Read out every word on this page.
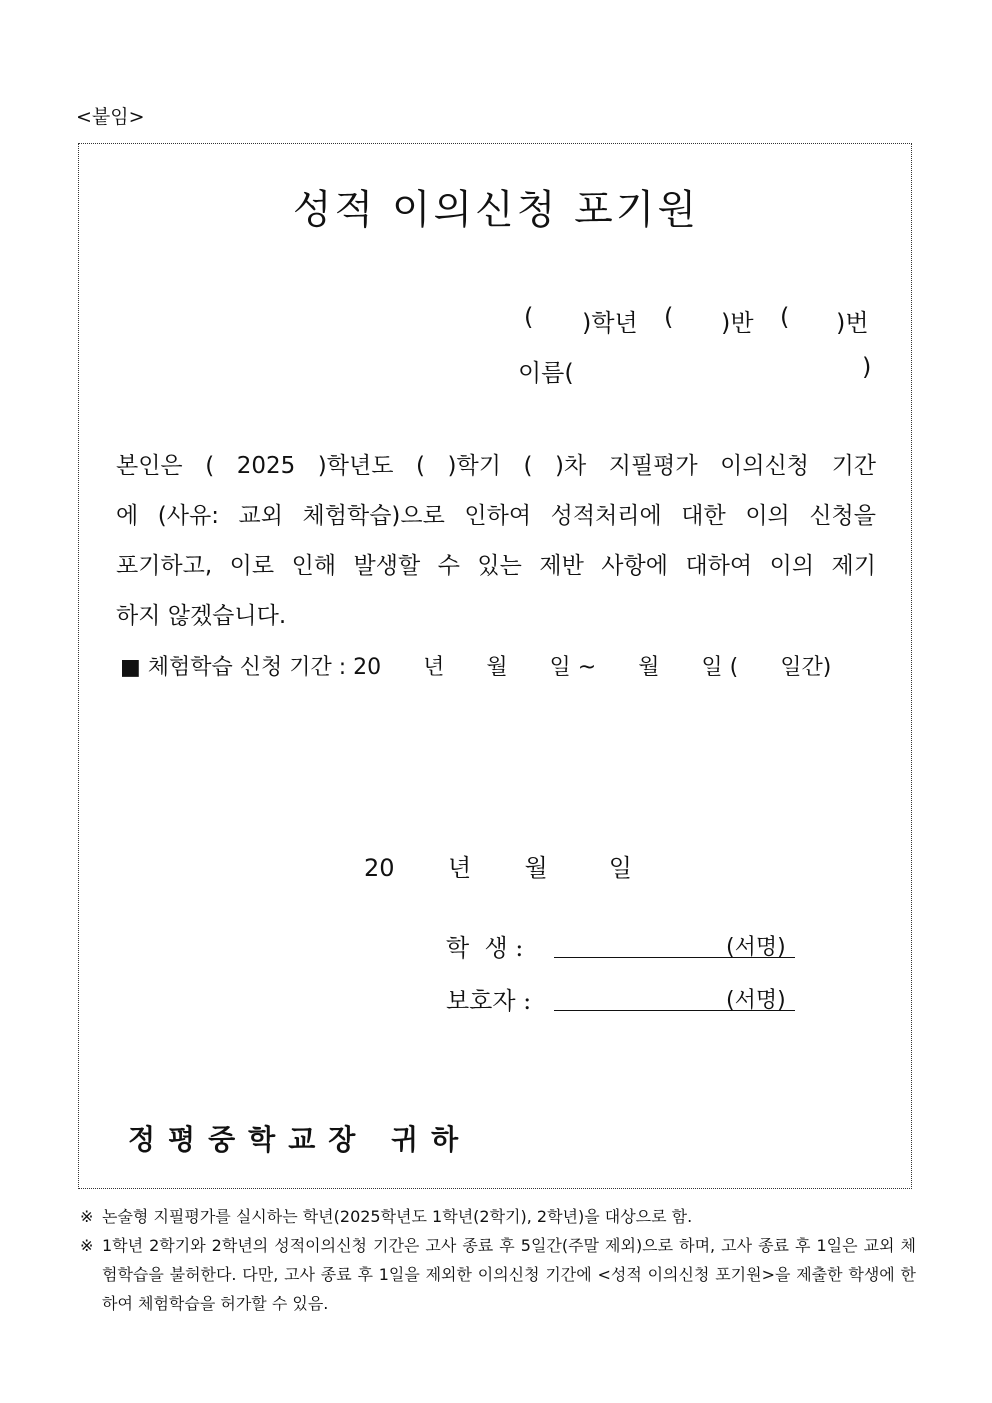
<붙임>
성적 이의신청 포기원
( )학년 ( )반 ( )번
이름(	)
본인은 ( 2025 )학년도 ( )학기 ( )차 지필평가 이의신청 기간
에 (사유: 교외 체험학습)으로 인하여 성적처리에 대한 이의 신청을
포기하고, 이로 인해 발생할 수 있는 제반 사항에 대하여 이의 제기
하지 않겠습니다.
■ 체험학습 신청 기간 : 20      년      월      일 ~      월      일 (      일간)
20       년       월        일
학  생 :	(서명)
보호자 :	(서명)
정평중학교장 귀하
※ 논술형 지필평가를 실시하는 학년(2025학년도 1학년(2학기), 2학년)을 대상으로 함.
※ 1학년 2학기와 2학년의 성적이의신청 기간은 고사 종료 후 5일간(주말 제외)으로 하며, 고사 종료 후 1일은 교외 체험학습을 불허한다. 다만, 고사 종료 후 1일을 제외한 이의신청 기간에 <성적 이의신청 포기원>을 제출한 학생에 한하여 체험학습을 허가할 수 있음.
